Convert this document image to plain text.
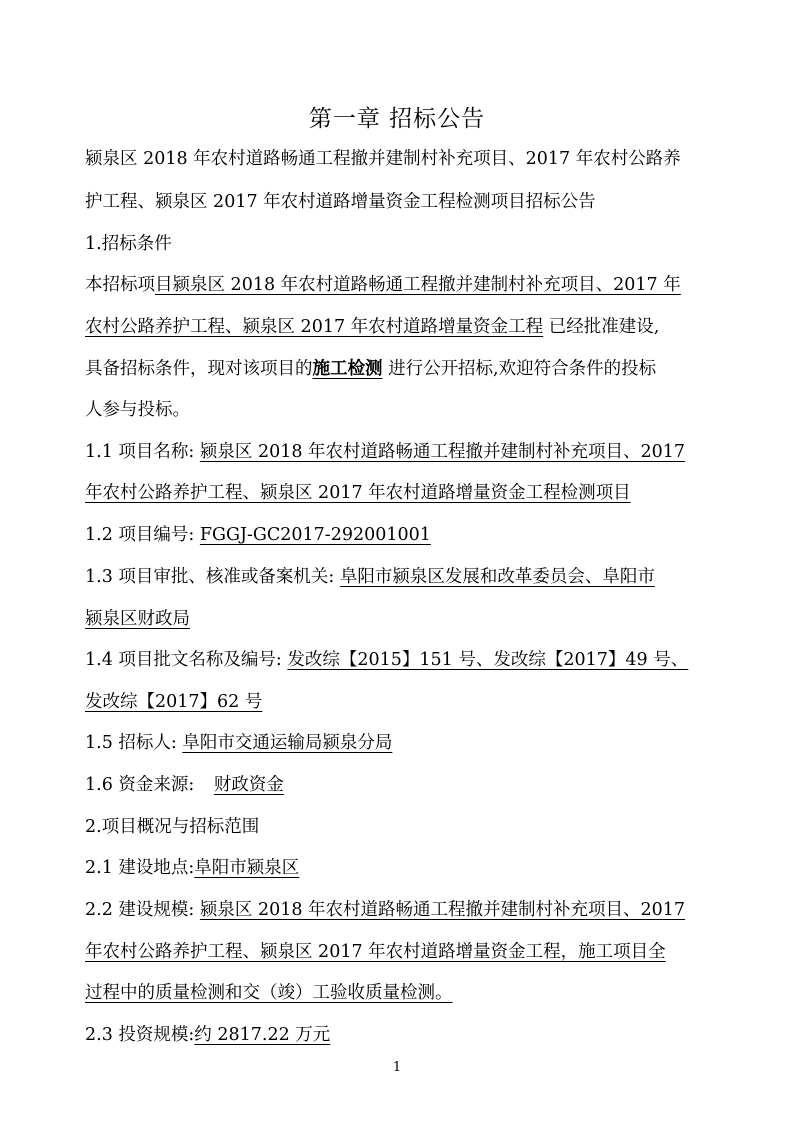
第一章 招标公告
颍泉区 2018 年农村道路畅通工程撤并建制村补充项目、2017 年农村公路养
护工程、颍泉区 2017 年农村道路增量资金工程检测项目招标公告
1.招标条件
本招标项目颍泉区 2018 年农村道路畅通工程撤并建制村补充项目、2017 年
农村公路养护工程、颍泉区 2017 年农村道路增量资金工程 已经批准建设,
具备招标条件，现对该项目的施工检测 进行公开招标,欢迎符合条件的投标
人参与投标。
1.1 项目名称: 颍泉区 2018 年农村道路畅通工程撤并建制村补充项目、2017
年农村公路养护工程、颍泉区 2017 年农村道路增量资金工程检测项目
1.2 项目编号: FGGJ-GC2017-292001001
1.3 项目审批、核准或备案机关: 阜阳市颍泉区发展和改革委员会、阜阳市
颍泉区财政局
1.4 项目批文名称及编号: 发改综【2015】151 号、发改综【2017】49 号、
发改综【2017】62 号
1.5 招标人: 阜阳市交通运输局颍泉分局
1.6 资金来源: 财政资金
2.项目概况与招标范围
2.1 建设地点:阜阳市颍泉区
2.2 建设规模: 颍泉区 2018 年农村道路畅通工程撤并建制村补充项目、2017
年农村公路养护工程、颍泉区 2017 年农村道路增量资金工程，施工项目全
过程中的质量检测和交（竣）工验收质量检测。
2.3 投资规模:约 2817.22 万元
1
